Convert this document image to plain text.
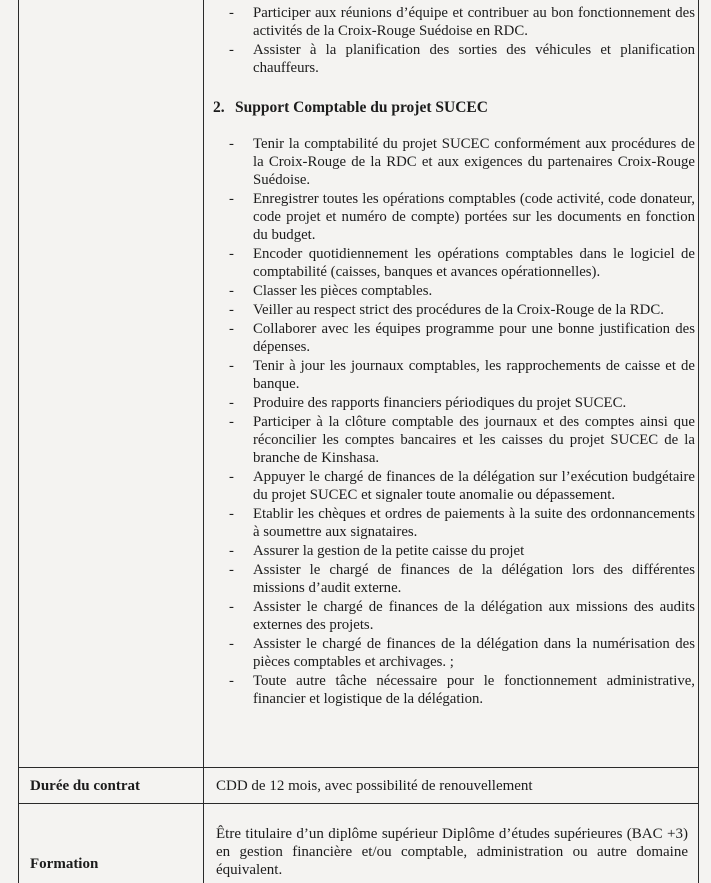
- Participer aux réunions d’équipe et contribuer au bon fonctionnement des activités de la Croix-Rouge Suédoise en RDC.
- Assister à la planification des sorties des véhicules et planification chauffeurs.
2. Support Comptable du projet SUCEC
- Tenir la comptabilité du projet SUCEC conformément aux procédures de la Croix-Rouge de la RDC et aux exigences du partenaires Croix-Rouge Suédoise.
- Enregistrer toutes les opérations comptables (code activité, code donateur, code projet et numéro de compte) portées sur les documents en fonction du budget.
- Encoder quotidiennement les opérations comptables dans le logiciel de comptabilité (caisses, banques et avances opérationnelles).
- Classer les pièces comptables.
- Veiller au respect strict des procédures de la Croix-Rouge de la RDC.
- Collaborer avec les équipes programme pour une bonne justification des dépenses.
- Tenir à jour les journaux comptables, les rapprochements de caisse et de banque.
- Produire des rapports financiers périodiques du projet SUCEC.
- Participer à la clôture comptable des journaux et des comptes ainsi que réconcilier les comptes bancaires et les caisses du projet SUCEC de la branche de Kinshasa.
- Appuyer le chargé de finances de la délégation sur l’exécution budgétaire du projet SUCEC et signaler toute anomalie ou dépassement.
- Etablir les chèques et ordres de paiements à la suite des ordonnancements à soumettre aux signataires.
- Assurer la gestion de la petite caisse du projet
- Assister le chargé de finances de la délégation lors des différentes missions d’audit externe.
- Assister le chargé de finances de la délégation aux missions des audits externes des projets.
- Assister le chargé de finances de la délégation dans la numérisation des pièces comptables et archivages. ;
- Toute autre tâche nécessaire pour le fonctionnement administrative, financier et logistique de la délégation.
Durée du contrat	CDD de 12 mois, avec possibilité de renouvellement
Formation
Être titulaire d’un diplôme supérieur Diplôme d’études supérieures (BAC +3) en gestion financière et/ou comptable, administration ou autre domaine équivalent.
